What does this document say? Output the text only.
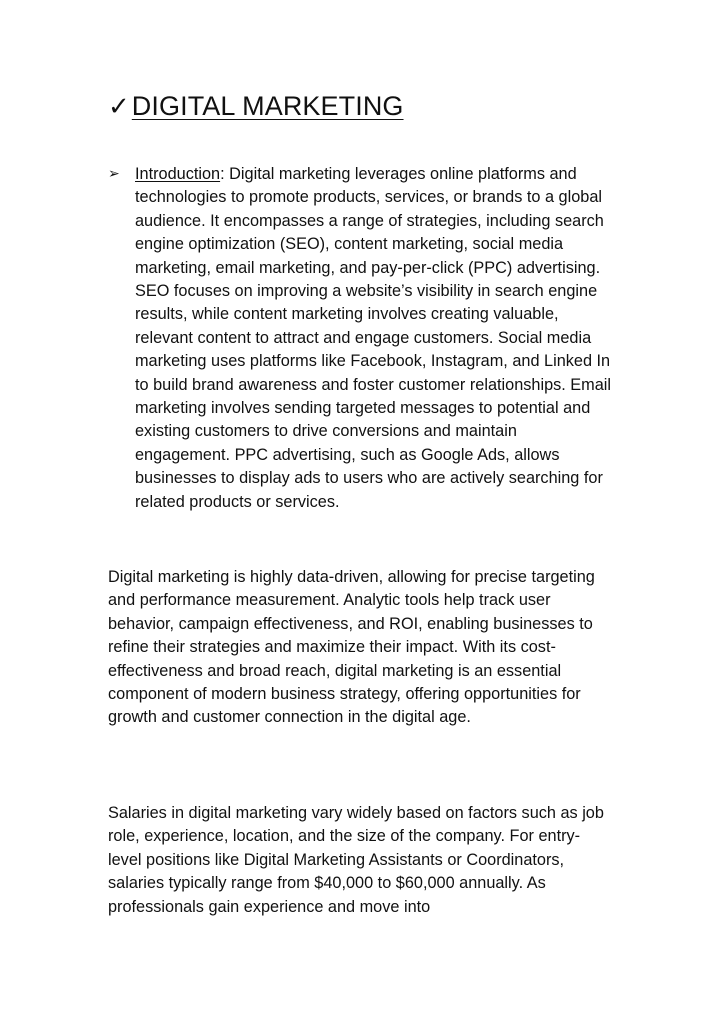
✓ DIGITAL MARKETING
➢ Introduction: Digital marketing leverages online platforms and technologies to promote products, services, or brands to a global audience. It encompasses a range of strategies, including search engine optimization (SEO), content marketing, social media marketing, email marketing, and pay-per-click (PPC) advertising. SEO focuses on improving a website’s visibility in search engine results, while content marketing involves creating valuable, relevant content to attract and engage customers. Social media marketing uses platforms like Facebook, Instagram, and Linked In to build brand awareness and foster customer relationships. Email marketing involves sending targeted messages to potential and existing customers to drive conversions and maintain engagement. PPC advertising, such as Google Ads, allows businesses to display ads to users who are actively searching for related products or services.

Digital marketing is highly data-driven, allowing for precise targeting and performance measurement. Analytic tools help track user behavior, campaign effectiveness, and ROI, enabling businesses to refine their strategies and maximize their impact. With its cost-effectiveness and broad reach, digital marketing is an essential component of modern business strategy, offering opportunities for growth and customer connection in the digital age.

Salaries in digital marketing vary widely based on factors such as job role, experience, location, and the size of the company. For entry-level positions like Digital Marketing Assistants or Coordinators, salaries typically range from $40,000 to $60,000 annually. As professionals gain experience and move into
